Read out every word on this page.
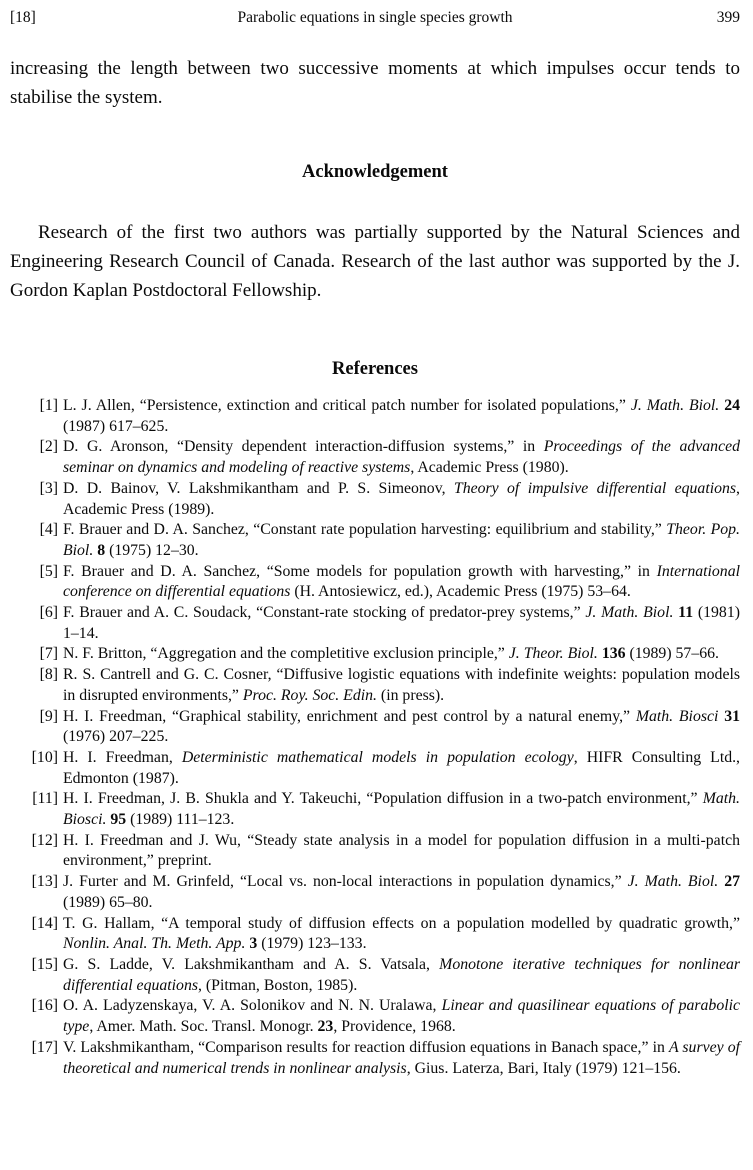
[18]	Parabolic equations in single species growth	399

increasing the length between two successive moments at which impulses occur tends to stabilise the system.

Acknowledgement

Research of the first two authors was partially supported by the Natural Sciences and Engineering Research Council of Canada. Research of the last author was supported by the J. Gordon Kaplan Postdoctoral Fellowship.

References
[1] L. J. Allen, “Persistence, extinction and critical patch number for isolated populations,” J. Math. Biol. 24 (1987) 617–625.
[2] D. G. Aronson, “Density dependent interaction-diffusion systems,” in Proceedings of the advanced seminar on dynamics and modeling of reactive systems, Academic Press (1980).
[3] D. D. Bainov, V. Lakshmikantham and P. S. Simeonov, Theory of impulsive differential equations, Academic Press (1989).
[4] F. Brauer and D. A. Sanchez, “Constant rate population harvesting: equilibrium and stability,” Theor. Pop. Biol. 8 (1975) 12–30.
[5] F. Brauer and D. A. Sanchez, “Some models for population growth with harvesting,” in International conference on differential equations (H. Antosiewicz, ed.), Academic Press (1975) 53–64.
[6] F. Brauer and A. C. Soudack, “Constant-rate stocking of predator-prey systems,” J. Math. Biol. 11 (1981) 1–14.
[7] N. F. Britton, “Aggregation and the completitive exclusion principle,” J. Theor. Biol. 136 (1989) 57–66.
[8] R. S. Cantrell and G. C. Cosner, “Diffusive logistic equations with indefinite weights: population models in disrupted environments,” Proc. Roy. Soc. Edin. (in press).
[9] H. I. Freedman, “Graphical stability, enrichment and pest control by a natural enemy,” Math. Biosci 31 (1976) 207–225.
[10] H. I. Freedman, Deterministic mathematical models in population ecology, HIFR Consulting Ltd., Edmonton (1987).
[11] H. I. Freedman, J. B. Shukla and Y. Takeuchi, “Population diffusion in a two-patch environment,” Math. Biosci. 95 (1989) 111–123.
[12] H. I. Freedman and J. Wu, “Steady state analysis in a model for population diffusion in a multi-patch environment,” preprint.
[13] J. Furter and M. Grinfeld, “Local vs. non-local interactions in population dynamics,” J. Math. Biol. 27 (1989) 65–80.
[14] T. G. Hallam, “A temporal study of diffusion effects on a population modelled by quadratic growth,” Nonlin. Anal. Th. Meth. App. 3 (1979) 123–133.
[15] G. S. Ladde, V. Lakshmikantham and A. S. Vatsala, Monotone iterative techniques for nonlinear differential equations, (Pitman, Boston, 1985).
[16] O. A. Ladyzenskaya, V. A. Solonikov and N. N. Uralawa, Linear and quasilinear equations of parabolic type, Amer. Math. Soc. Transl. Monogr. 23, Providence, 1968.
[17] V. Lakshmikantham, “Comparison results for reaction diffusion equations in Banach space,” in A survey of theoretical and numerical trends in nonlinear analysis, Gius. Laterza, Bari, Italy (1979) 121–156.
